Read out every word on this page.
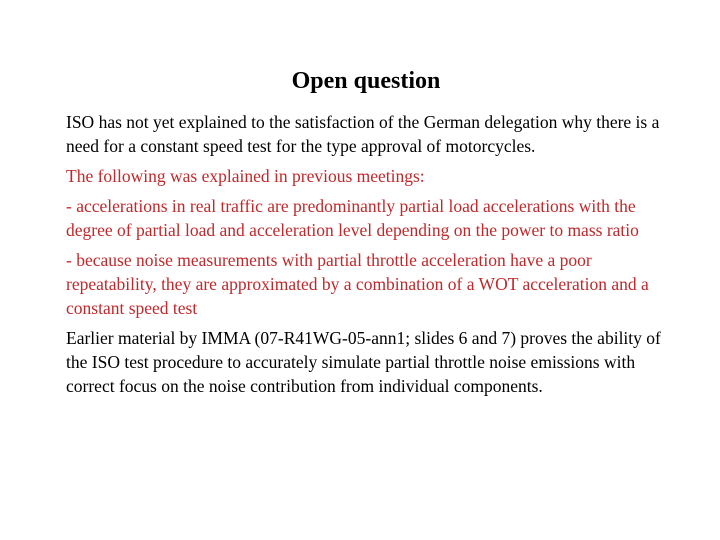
Open question

ISO has not yet explained to the satisfaction of the German delegation why there is a need for a constant speed test for the type approval of motorcycles.

The following was explained in previous meetings:

- accelerations in real traffic are predominantly partial load accelerations with the degree of partial load and acceleration level depending on the power to mass ratio

- because noise measurements with partial throttle acceleration have a poor repeatability, they are approximated by a combination of a WOT acceleration and a constant speed test

Earlier material by IMMA (07-R41WG-05-ann1; slides 6 and 7) proves the ability of the ISO test procedure to accurately simulate partial throttle noise emissions with correct focus on the noise contribution from individual components.
